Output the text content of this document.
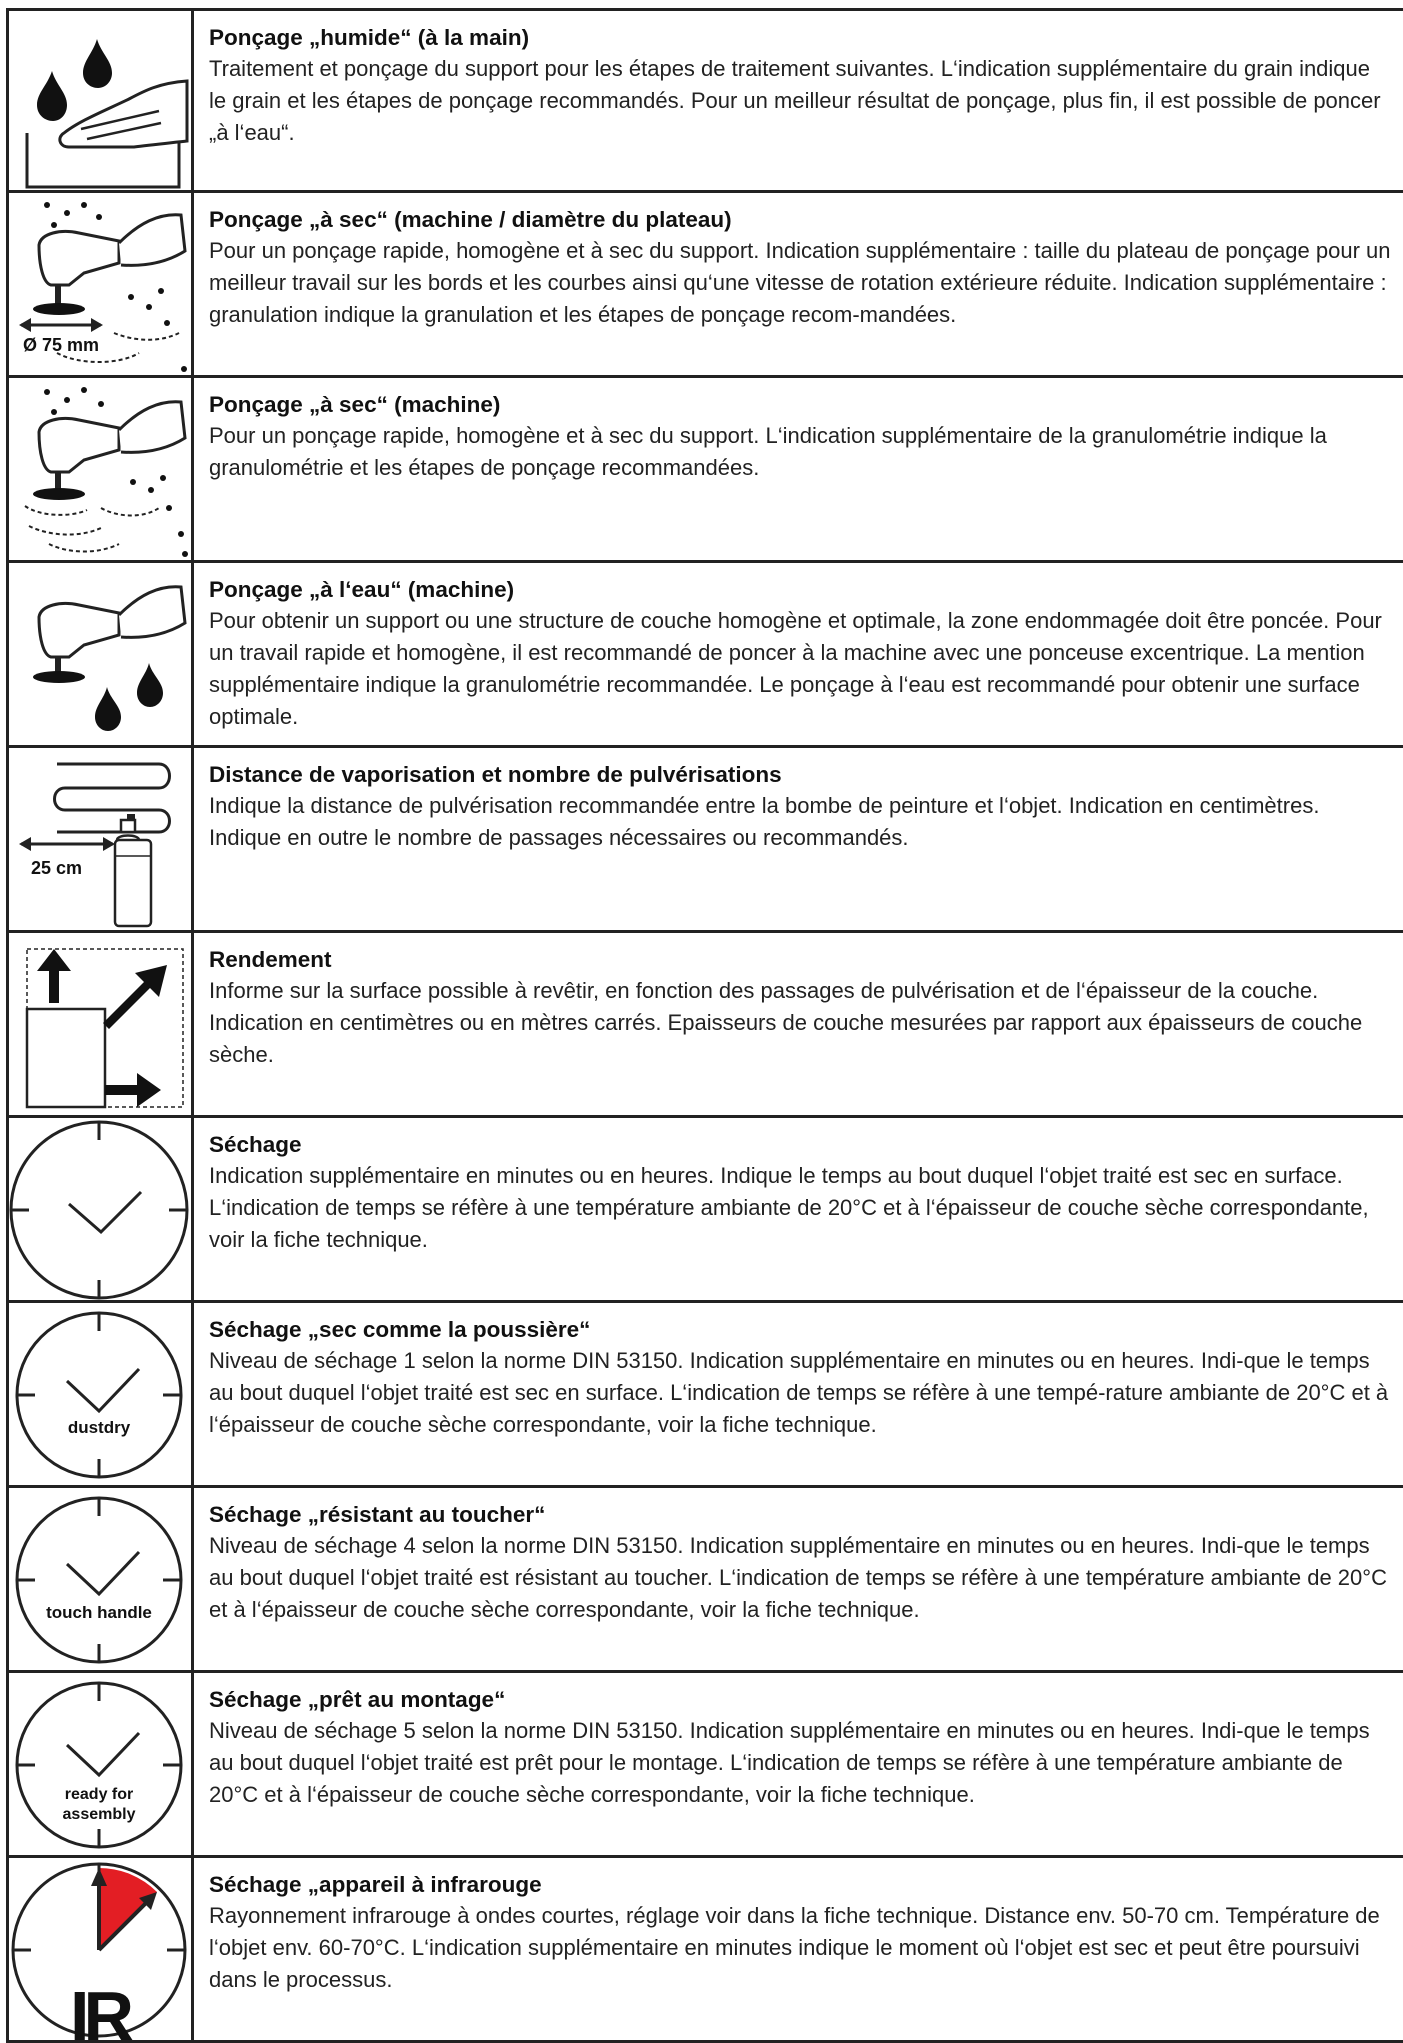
Ponçage „humide“ (à la main)
Traitement et ponçage du support pour les étapes de traitement suivantes. L‘indication supplémentaire du grain indique le grain et les étapes de ponçage recommandés. Pour un meilleur résultat de ponçage, plus fin, il est possible de poncer „à l‘eau“.
Ø 75 mm
Ponçage „à sec“ (machine / diamètre du plateau)
Pour un ponçage rapide, homogène et à sec du support. Indication supplémentaire : taille du plateau de ponçage pour un meilleur travail sur les bords et les courbes ainsi qu‘une vitesse de rotation extérieure réduite. Indication supplémentaire : granulation indique la granulation et les étapes de ponçage recom-mandées.
Ponçage „à sec“ (machine)
Pour un ponçage rapide, homogène et à sec du support. L‘indication supplémentaire de la granulométrie indique la granulométrie et les étapes de ponçage recommandées.
Ponçage „à l‘eau“ (machine)
Pour obtenir un support ou une structure de couche homogène et optimale, la zone endommagée doit être poncée. Pour un travail rapide et homogène, il est recommandé de poncer à la machine avec une ponceuse excentrique. La mention supplémentaire indique la granulométrie recommandée. Le ponçage à l‘eau est recommandé pour obtenir une surface optimale.
25 cm
Distance de vaporisation et nombre de pulvérisations
Indique la distance de pulvérisation recommandée entre la bombe de peinture et l‘objet. Indication en centimètres. Indique en outre le nombre de passages nécessaires ou recommandés.
Rendement
Informe sur la surface possible à revêtir, en fonction des passages de pulvérisation et de l‘épaisseur de la couche. Indication en centimètres ou en mètres carrés. Epaisseurs de couche mesurées par rapport aux épaisseurs de couche sèche.
Séchage
Indication supplémentaire en minutes ou en heures. Indique le temps au bout duquel l‘objet traité est sec en surface. L‘indication de temps se réfère à une température ambiante de 20°C et à l‘épaisseur de couche sèche correspondante, voir la fiche technique.
dustdry
Séchage „sec comme la poussière“
Niveau de séchage 1 selon la norme DIN 53150. Indication supplémentaire en minutes ou en heures. Indi-que le temps au bout duquel l‘objet traité est sec en surface. L‘indication de temps se réfère à une tempé-rature ambiante de 20°C et à l‘épaisseur de couche sèche correspondante, voir la fiche technique.
touch handle
Séchage „résistant au toucher“
Niveau de séchage 4 selon la norme DIN 53150. Indication supplémentaire en minutes ou en heures. Indi-que le temps au bout duquel l‘objet traité est résistant au toucher. L‘indication de temps se réfère à une température ambiante de 20°C et à l‘épaisseur de couche sèche correspondante, voir la fiche technique.
ready for
assembly
Séchage „prêt au montage“
Niveau de séchage 5 selon la norme DIN 53150. Indication supplémentaire en minutes ou en heures. Indi-que le temps au bout duquel l‘objet traité est prêt pour le montage. L‘indication de temps se réfère à une température ambiante de 20°C et à l‘épaisseur de couche sèche correspondante, voir la fiche technique.
IR
Séchage „appareil à infrarouge
Rayonnement infrarouge à ondes courtes, réglage voir dans la fiche technique. Distance env. 50-70 cm. Température de l‘objet env. 60-70°C. L‘indication supplémentaire en minutes indique le moment où l‘objet est sec et peut être poursuivi dans le processus.
